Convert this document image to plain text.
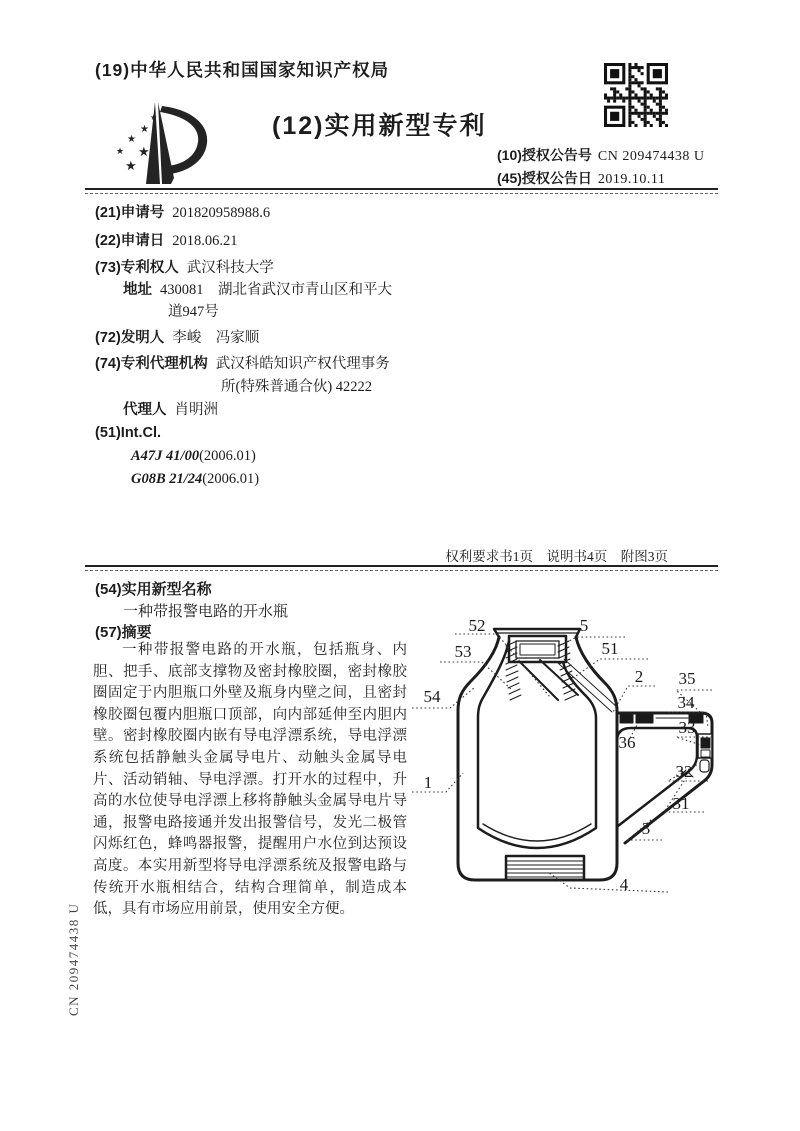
(19)中华人民共和国国家知识产权局
★
★
★
★ ★
★
(12)实用新型专利
(10)授权公告号 CN 209474438 U
(45)授权公告日 2019.10.11
(21)申请号 201820958988.6
(22)申请日 2018.06.21
(73)专利权人 武汉科技大学
地址 430081　湖北省武汉市青山区和平大
道947号
(72)发明人 李峻　冯家顺
(74)专利代理机构 武汉科皓知识产权代理事务
所(特殊普通合伙) 42222
代理人 肖明洲
(51)Int.Cl.
A47J 41/00(2006.01)
G08B 21/24(2006.01)
权利要求书1页　说明书4页　附图3页
(54)实用新型名称
一种带报警电路的开水瓶
(57)摘要
一种带报警电路的开水瓶，包括瓶身、内胆、把手、底部支撑物及密封橡胶圈，密封橡胶圈固定于内胆瓶口外壁及瓶身内壁之间，且密封橡胶圈包覆内胆瓶口顶部，向内部延伸至内胆内壁。密封橡胶圈内嵌有导电浮漂系统，导电浮漂系统包括静触头金属导电片、动触头金属导电片、活动销轴、导电浮漂。打开水的过程中，升高的水位使导电浮漂上移将静触头金属导电片导通，报警电路接通并发出报警信号，发光二极管闪烁红色，蜂鸣器报警，提醒用户水位到达预设高度。本实用新型将导电浮漂系统及报警电路与传统开水瓶相结合，结构合理简单，制造成本低，具有市场应用前景，使用安全方便。
52	5
53	51
54
2 35
34
36
33
1
32
31
3
4
CN 209474438 U
